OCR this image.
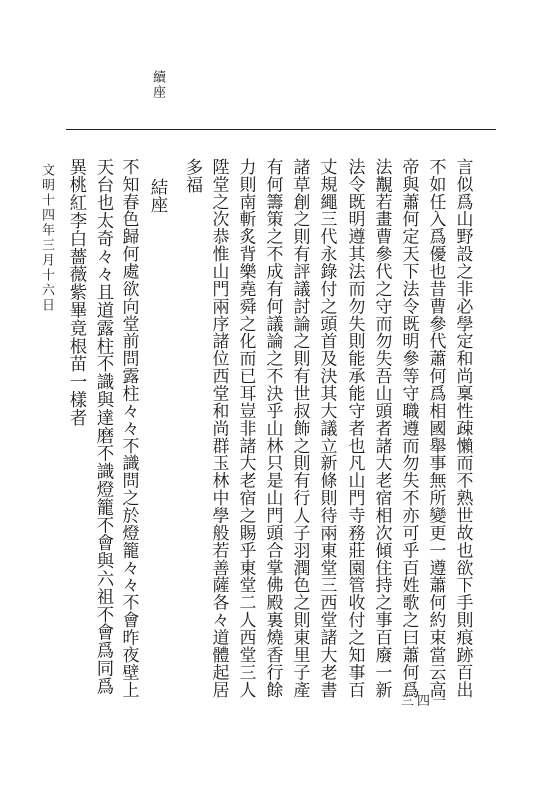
續座
言似爲山野設之非必學定和尚稟性疎懶而不熟世故也欲下手則痕跡百出
不如任入爲優也昔曹參代蕭何爲相國舉事無所變更一遵蕭何約束當云高
帝與蕭何定天下法令既明參等守職遵而勿失不亦可乎百姓歌之曰蕭何爲
法覯若畫曹參代之守而勿失吾山頭者諸大老宿相次傾住持之事百廢一新
法令既明遵其法而勿失則能承能守者也凡山門寺務莊園管收付之知事百
丈規繩三代永錄付之頭首及決其大議立新條則待兩東堂三西堂諸大老書
諸草創之則有評議討論之則有世叔飾之則有行人子羽潤色之則東里子產
有何籌策之不成有何議論之不決乎山林只是山門頭合掌佛殿裏燒香行餘
力則南斬炙背樂堯舜之化而已耳豈非諸大老宿之賜乎東堂二人西堂三人
陞堂之次恭惟山門兩序諸位西堂和尚群玉林中學般若善薩各々道體起居
多福
結座
不知春色歸何處欲向堂前問露柱々々不識問之於燈籠々々不會昨夜壁上
天台也太奇々々且道露柱不識與達磨不識燈籠不會與六祖不會爲同爲
異桃紅李白薔薇紫畢竟根苗一樣者
文明十四年三月十六日
三四一
